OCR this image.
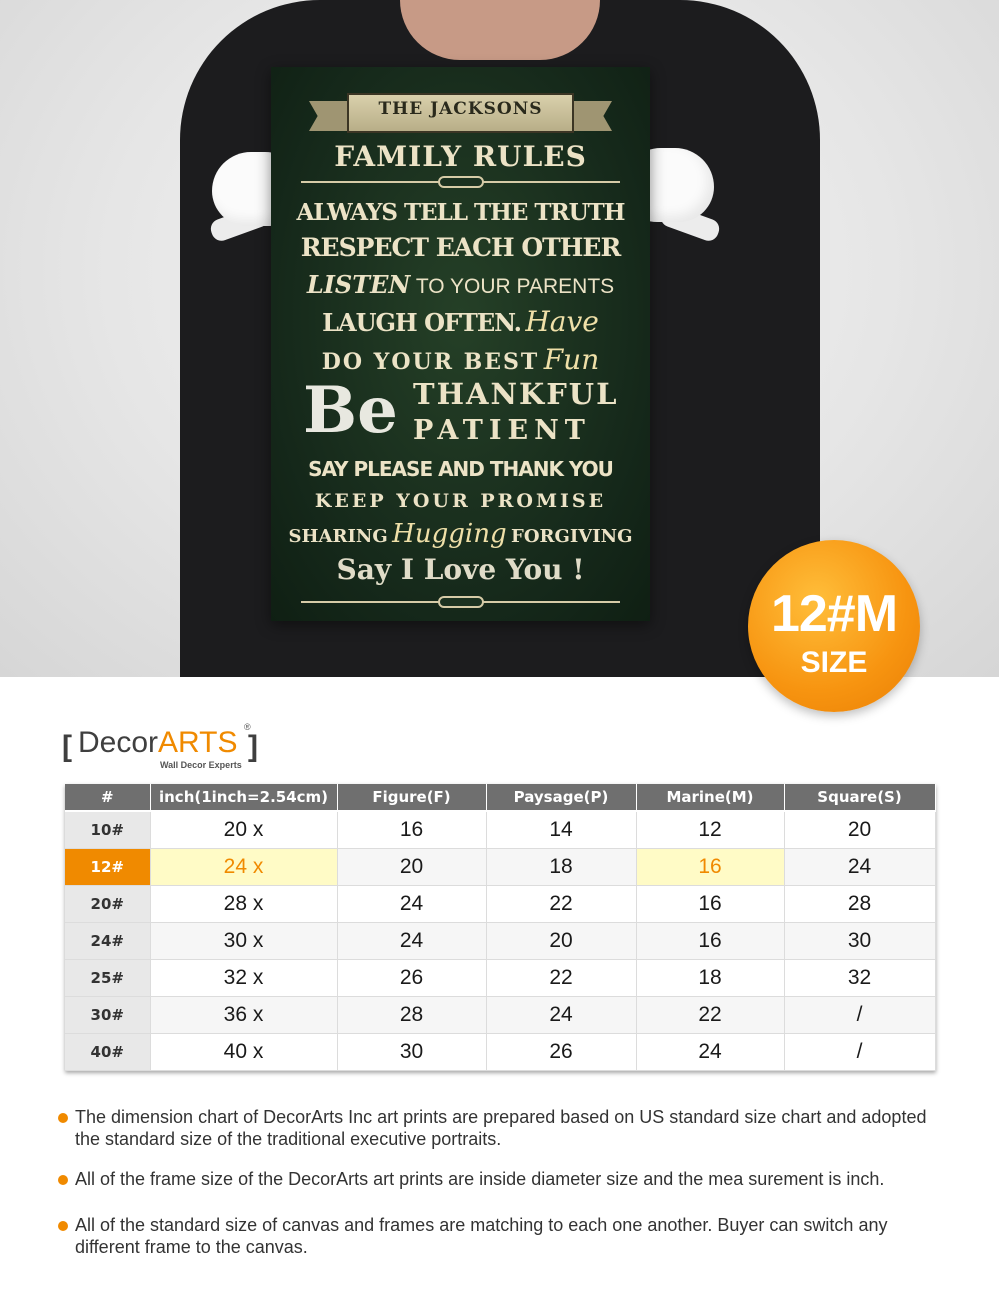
THE JACKSONS
FAMILY RULES
ALWAYS TELL THE TRUTH
RESPECT EACH OTHER
LISTEN TO YOUR PARENTS
LAUGH OFTEN. Have
DO YOUR BEST Fun
Be THANKFUL
PATIENT
SAY PLEASE AND THANK YOU
KEEP YOUR PROMISE
SHARING Hugging FORGIVING
Say I Love You !
12#M
SIZE
[ DecorARTS ]
®
Wall Decor Experts
#	inch(1inch=2.54cm)	Figure(F)	Paysage(P)	Marine(M)	Square(S)
10#	20 x	16	14	12	20
12#	24 x	20	18	16	24
20#	28 x	24	22	16	28
24#	30 x	24	20	16	30
25#	32 x	26	22	18	32
30#	36 x	28	24	22	/
40#	40 x	30	26	24	/
The dimension chart of DecorArts Inc art prints are prepared based on US standard size chart and adopted the standard size of the traditional executive portraits.
All of the frame size of the DecorArts art prints are inside diameter size and the mea surement is inch.
All of the standard size of canvas and frames are matching to each one another. Buyer can switch any different frame to the canvas.
